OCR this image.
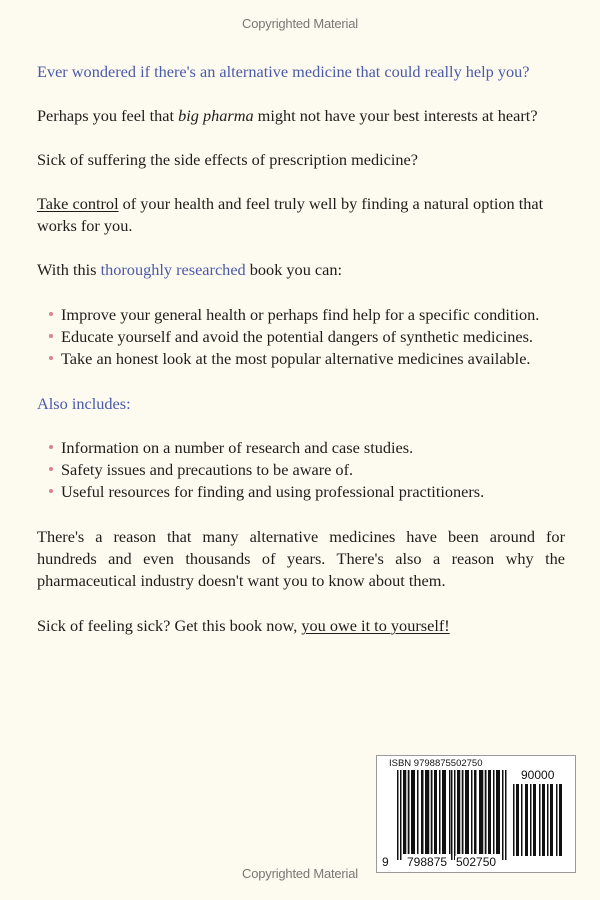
Copyrighted Material
Ever wondered if there's an alternative medicine that could really help you?
Perhaps you feel that big pharma might not have your best interests at heart?
Sick of suffering the side effects of prescription medicine?
Take control of your health and feel truly well by finding a natural option that
works for you.
With this thoroughly researched book you can:
Improve your general health or perhaps find help for a specific condition.
Educate yourself and avoid the potential dangers of synthetic medicines.
Take an honest look at the most popular alternative medicines available.
Also includes:
Information on a number of research and case studies.
Safety issues and precautions to be aware of.
Useful resources for finding and using professional practitioners.
There's a reason that many alternative medicines have been around for
hundreds and even thousands of years. There's also a reason why the
pharmaceutical industry doesn't want you to know about them.
Sick of feeling sick? Get this book now, you owe it to yourself!
ISBN 9798875502750
90000
9 798875 502750
Copyrighted Material
